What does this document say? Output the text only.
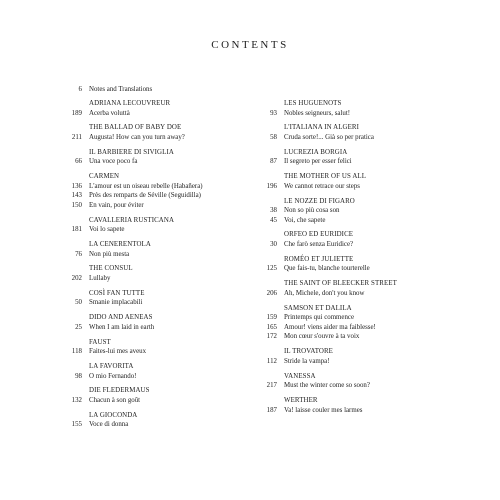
CONTENTS
6 Notes and Translations
ADRIANA LECOUVREUR
189 Acerba voluttà
THE BALLAD OF BABY DOE
211 Augusta! How can you turn away?
IL BARBIERE DI SIVIGLIA
66 Una voce poco fa
CARMEN
136 L'amour est un oiseau rebelle (Habañera)
143 Près des remparts de Séville (Seguidilla)
150 En vain, pour éviter
CAVALLERIA RUSTICANA
181 Voi lo sapete
LA CENERENTOLA
76 Non più mesta
THE CONSUL
202 Lullaby
COSÌ FAN TUTTE
50 Smanie implacabili
DIDO AND AENEAS
25 When I am laid in earth
FAUST
118 Faites-lui mes aveux
LA FAVORITA
98 O mio Fernando!
DIE FLEDERMAUS
132 Chacun à son goût
LA GIOCONDA
155 Voce di donna
LES HUGUENOTS
93 Nobles seigneurs, salut!
L'ITALIANA IN ALGERI
58 Cruda sorte!... Già so per pratica
LUCREZIA BORGIA
87 Il segreto per esser felici
THE MOTHER OF US ALL
196 We cannot retrace our steps
LE NOZZE DI FIGARO
38 Non so più cosa son
45 Voi, che sapete
ORFEO ED EURIDICE
30 Che farò senza Euridice?
ROMÉO ET JULIETTE
125 Que fais-tu, blanche tourterelle
THE SAINT OF BLEECKER STREET
206 Ah, Michele, don't you know
SAMSON ET DALILA
159 Printemps qui commence
165 Amour! viens aider ma faiblesse!
172 Mon cœur s'ouvre à ta voix
IL TROVATORE
112 Stride la vampa!
VANESSA
217 Must the winter come so soon?
WERTHER
187 Va! laisse couler mes larmes
